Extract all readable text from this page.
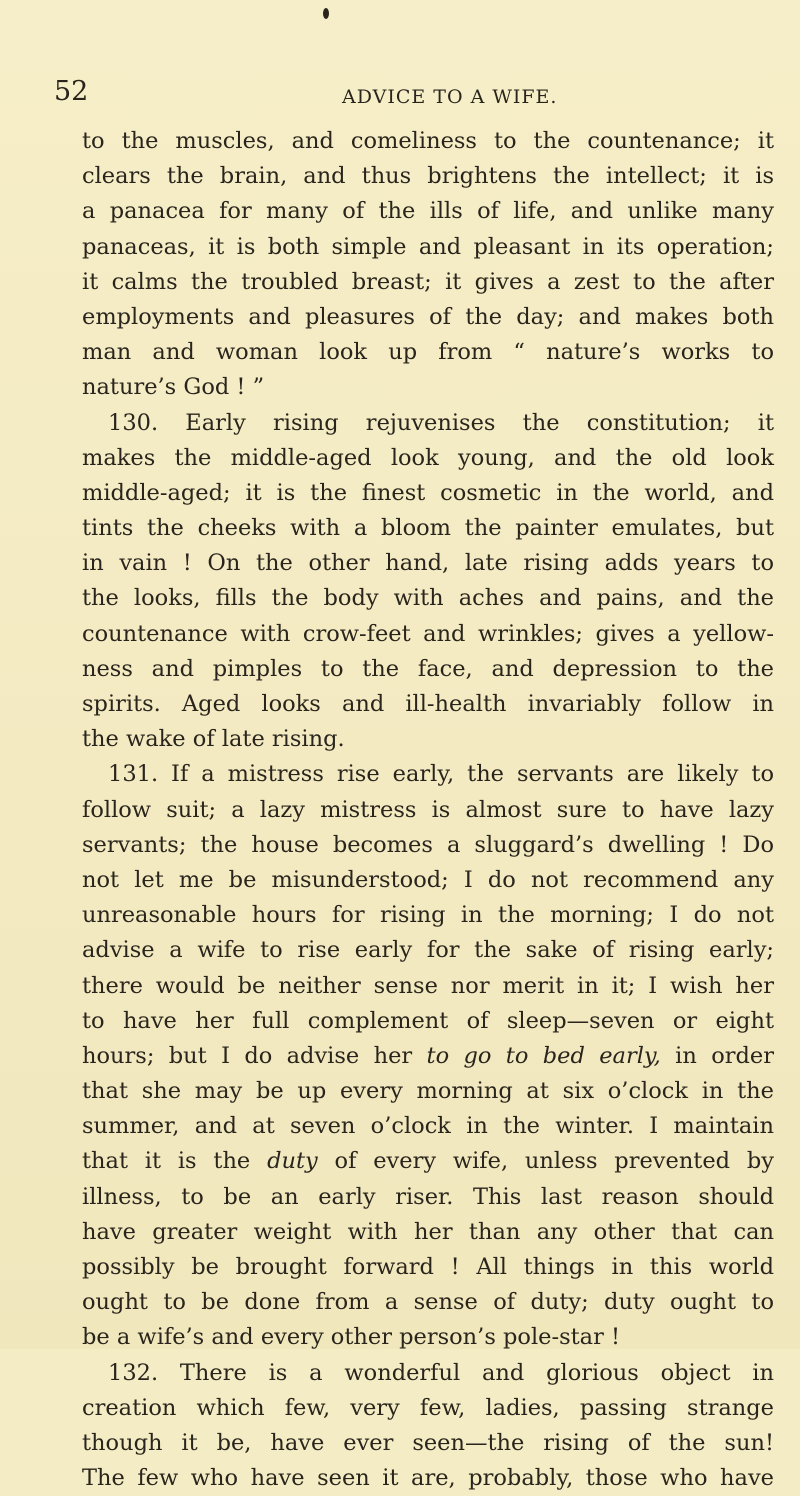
52	ADVICE TO A WIFE.
to the muscles, and comeliness to the countenance; it
clears the brain, and thus brightens the intellect; it is
a panacea for many of the ills of life, and unlike many
panaceas, it is both simple and pleasant in its operation;
it calms the troubled breast; it gives a zest to the after
employments and pleasures of the day; and makes both
man and woman look up from “ nature’s works to
nature’s God ! ”
130. Early rising rejuvenises the constitution; it
makes the middle-aged look young, and the old look
middle-aged; it is the finest cosmetic in the world, and
tints the cheeks with a bloom the painter emulates, but
in vain ! On the other hand, late rising adds years to
the looks, fills the body with aches and pains, and the
countenance with crow-feet and wrinkles; gives a yellow-
ness and pimples to the face, and depression to the
spirits. Aged looks and ill-health invariably follow in
the wake of late rising.
131. If a mistress rise early, the servants are likely to
follow suit; a lazy mistress is almost sure to have lazy
servants; the house becomes a sluggard’s dwelling ! Do
not let me be misunderstood; I do not recommend any
unreasonable hours for rising in the morning; I do not
advise a wife to rise early for the sake of rising early;
there would be neither sense nor merit in it; I wish her
to have her full complement of sleep—seven or eight
hours; but I do advise her to go to bed early, in order
that she may be up every morning at six o’clock in the
summer, and at seven o’clock in the winter. I maintain
that it is the duty of every wife, unless prevented by
illness, to be an early riser. This last reason should
have greater weight with her than any other that can
possibly be brought forward ! All things in this world
ought to be done from a sense of duty; duty ought to
be a wife’s and every other person’s pole-star !
132. There is a wonderful and glorious object in
creation which few, very few, ladies, passing strange
though it be, have ever seen—the rising of the sun!
The few who have seen it are, probably, those who have
